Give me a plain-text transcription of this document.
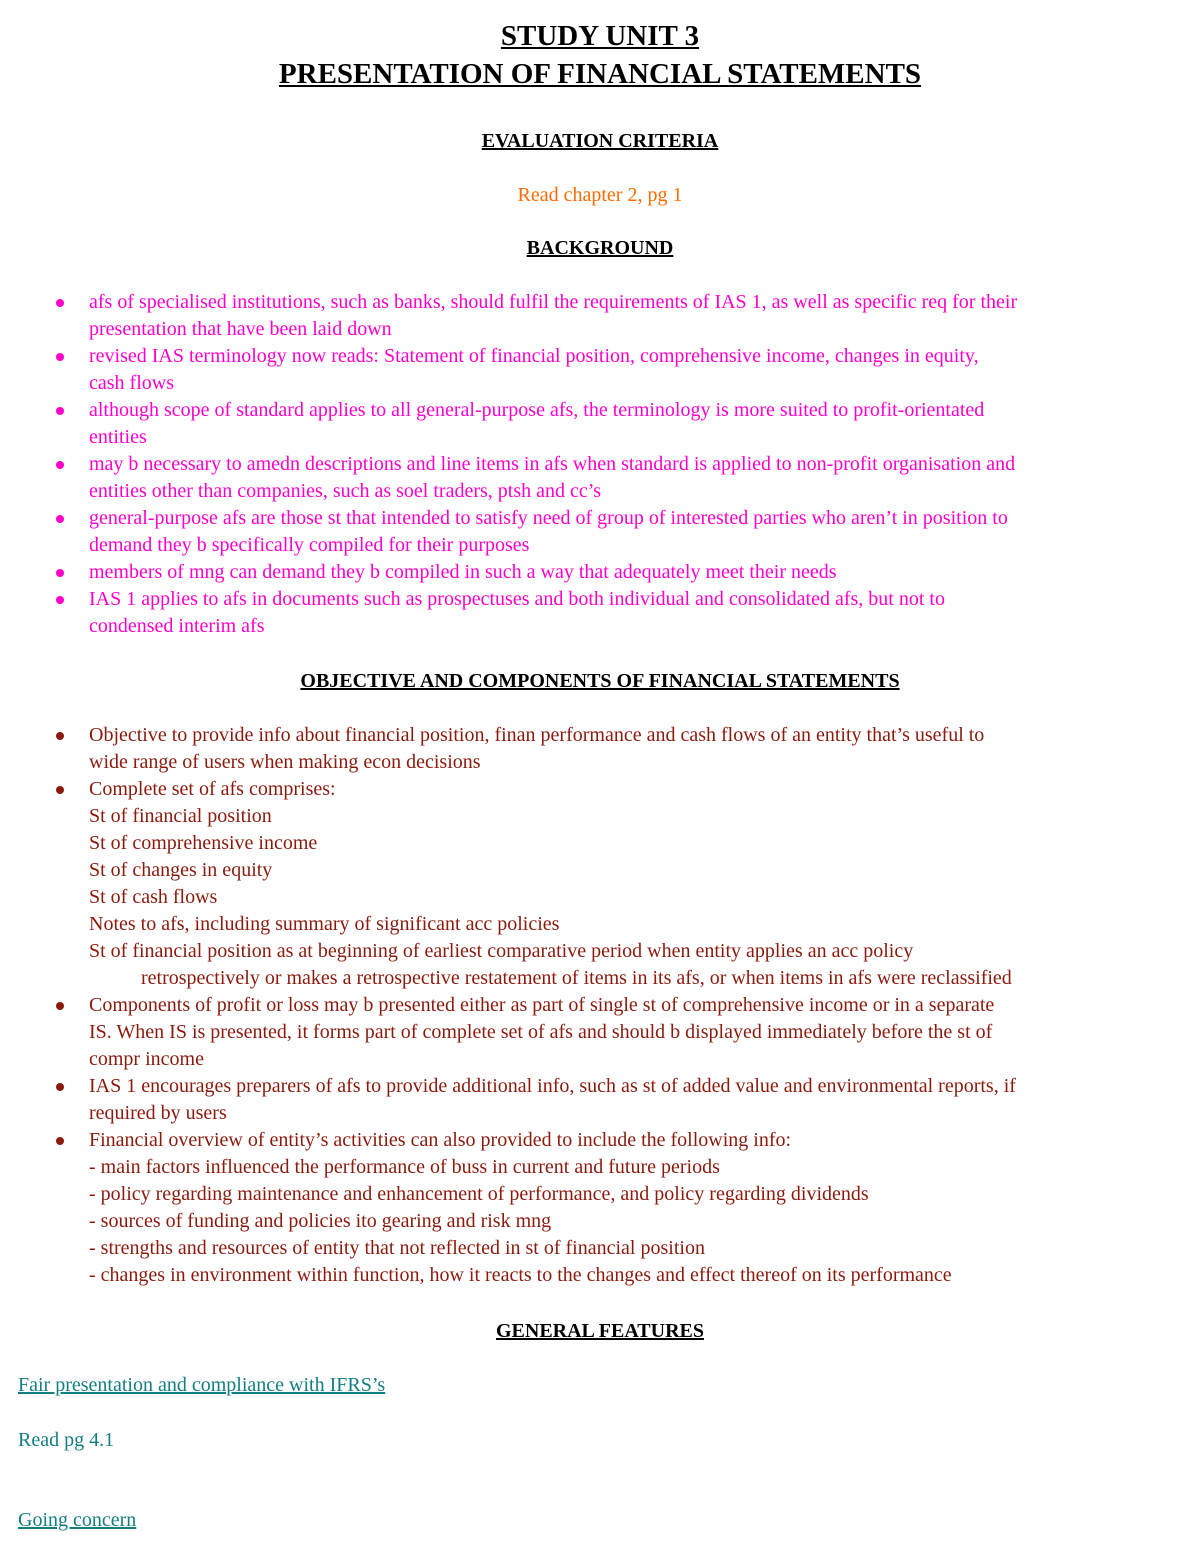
STUDY UNIT 3
PRESENTATION OF FINANCIAL STATEMENTS
EVALUATION CRITERIA
Read chapter 2, pg 1
BACKGROUND
afs of specialised institutions, such as banks, should fulfil the requirements of IAS 1, as well as specific req for their
presentation that have been laid down
revised IAS terminology now reads: Statement of financial position, comprehensive income, changes in equity,
cash flows
although scope of standard applies to all general-purpose afs, the terminology is more suited to profit-orientated
entities
may b necessary to amedn descriptions and line items in afs when standard is applied to non-profit organisation and
entities other than companies, such as soel traders, ptsh and cc’s
general-purpose afs are those st that intended to satisfy need of group of interested parties who aren’t in position to
demand they b specifically compiled for their purposes
members of mng can demand they b compiled in such a way that adequately meet their needs
IAS 1 applies to afs in documents such as prospectuses and both individual and consolidated afs, but not to
condensed interim afs
OBJECTIVE AND COMPONENTS OF FINANCIAL STATEMENTS
Objective to provide info about financial position, finan performance and cash flows of an entity that’s useful to
wide range of users when making econ decisions
Complete set of afs comprises:
St of financial position
St of comprehensive income
St of changes in equity
St of cash flows
Notes to afs, including summary of significant acc policies
St of financial position as at beginning of earliest comparative period when entity applies an acc policy
retrospectively or makes a retrospective restatement of items in its afs, or when items in afs were reclassified
Components of profit or loss may b presented either as part of single st of comprehensive income or in a separate
IS. When IS is presented, it forms part of complete set of afs and should b displayed immediately before the st of
compr income
IAS 1 encourages preparers of afs to provide additional info, such as st of added value and environmental reports, if
required by users
Financial overview of entity’s activities can also provided to include the following info:
- main factors influenced the performance of buss in current and future periods
- policy regarding maintenance and enhancement of performance, and policy regarding dividends
- sources of funding and policies ito gearing and risk mng
- strengths and resources of entity that not reflected in st of financial position
- changes in environment within function, how it reacts to the changes and effect thereof on its performance
GENERAL FEATURES
Fair presentation and compliance with IFRS’s
Read pg 4.1
Going concern
